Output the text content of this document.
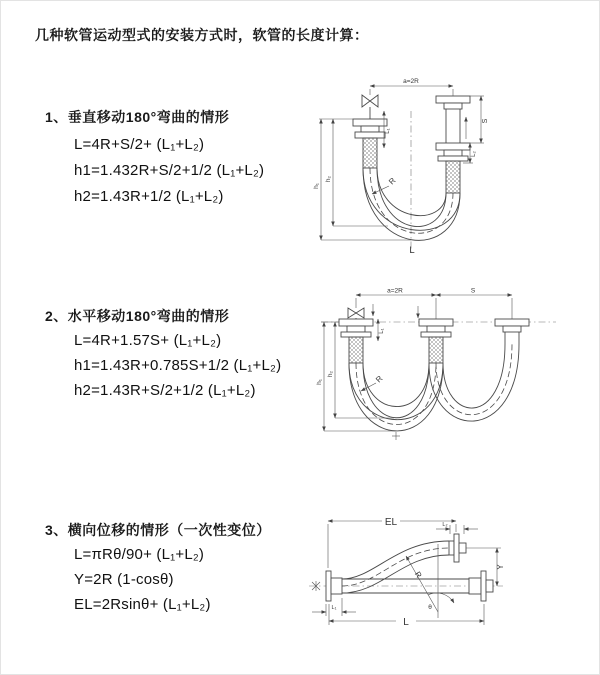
几种软管运动型式的安装方式时，软管的长度计算：
1、垂直移动180°弯曲的情形
L=4R+S/2+ (L₁+L₂)
h1=1.432R+S/2+1/2 (L₁+L₂)
h2=1.43R+1/2 (L₁+L₂)
2、水平移动180°弯曲的情形
L=4R+1.57S+ (L₁+L₂)
h1=1.43R+0.785S+1/2 (L₁+L₂)
h2=1.43R+S/2+1/2 (L₁+L₂)
3、横向位移的情形（一次性变位）
L=πRθ/90+ (L₁+L₂)
Y=2R (1-cosθ)
EL=2Rsinθ+ (L₁+L₂)
a=2R
h₁
h₂
L₁
S
L₂
R
L
a=2R	S
h₁
h₂
L₁
R
R
θ
EL	L₂
Y
L₁
L
